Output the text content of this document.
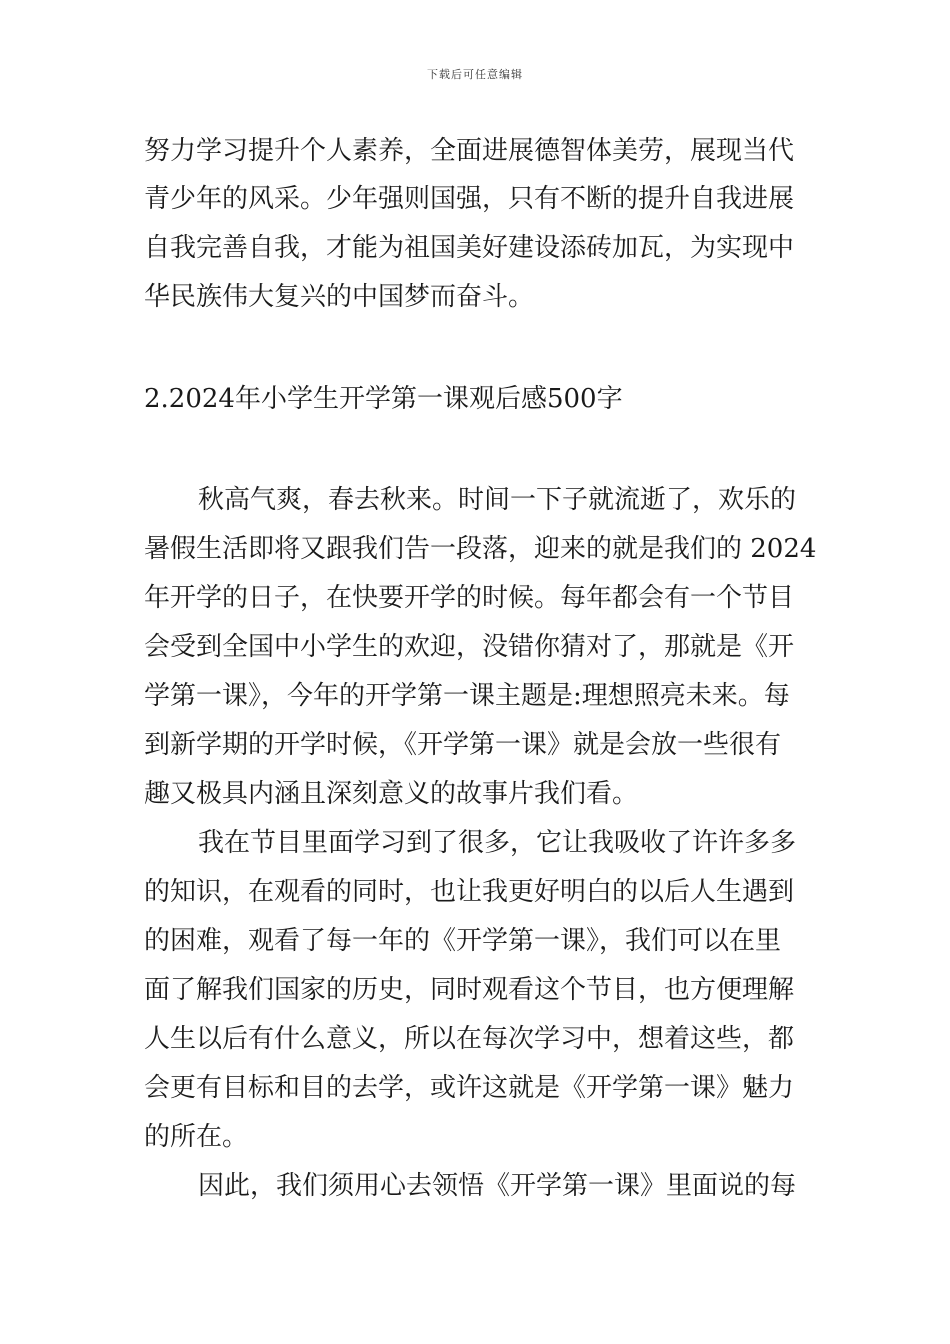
下载后可任意编辑
努力学习提升个人素养，全面进展德智体美劳，展现当代
青少年的风采。少年强则国强，只有不断的提升自我进展
自我完善自我，才能为祖国美好建设添砖加瓦，为实现中
华民族伟大复兴的中国梦而奋斗。
2.2024年小学生开学第一课观后感500字
秋高气爽，春去秋来。时间一下子就流逝了，欢乐的
暑假生活即将又跟我们告一段落，迎来的就是我们的 2024
年开学的日子，在快要开学的时候。每年都会有一个节目
会受到全国中小学生的欢迎，没错你猜对了，那就是《开
学第一课》，今年的开学第一课主题是:理想照亮未来。每
到新学期的开学时候，《开学第一课》就是会放一些很有
趣又极具内涵且深刻意义的故事片我们看。
我在节目里面学习到了很多，它让我吸收了许许多多
的知识，在观看的同时，也让我更好明白的以后人生遇到
的困难，观看了每一年的《开学第一课》，我们可以在里
面了解我们国家的历史，同时观看这个节目，也方便理解
人生以后有什么意义，所以在每次学习中，想着这些，都
会更有目标和目的去学，或许这就是《开学第一课》魅力
的所在。
因此，我们须用心去领悟《开学第一课》里面说的每
